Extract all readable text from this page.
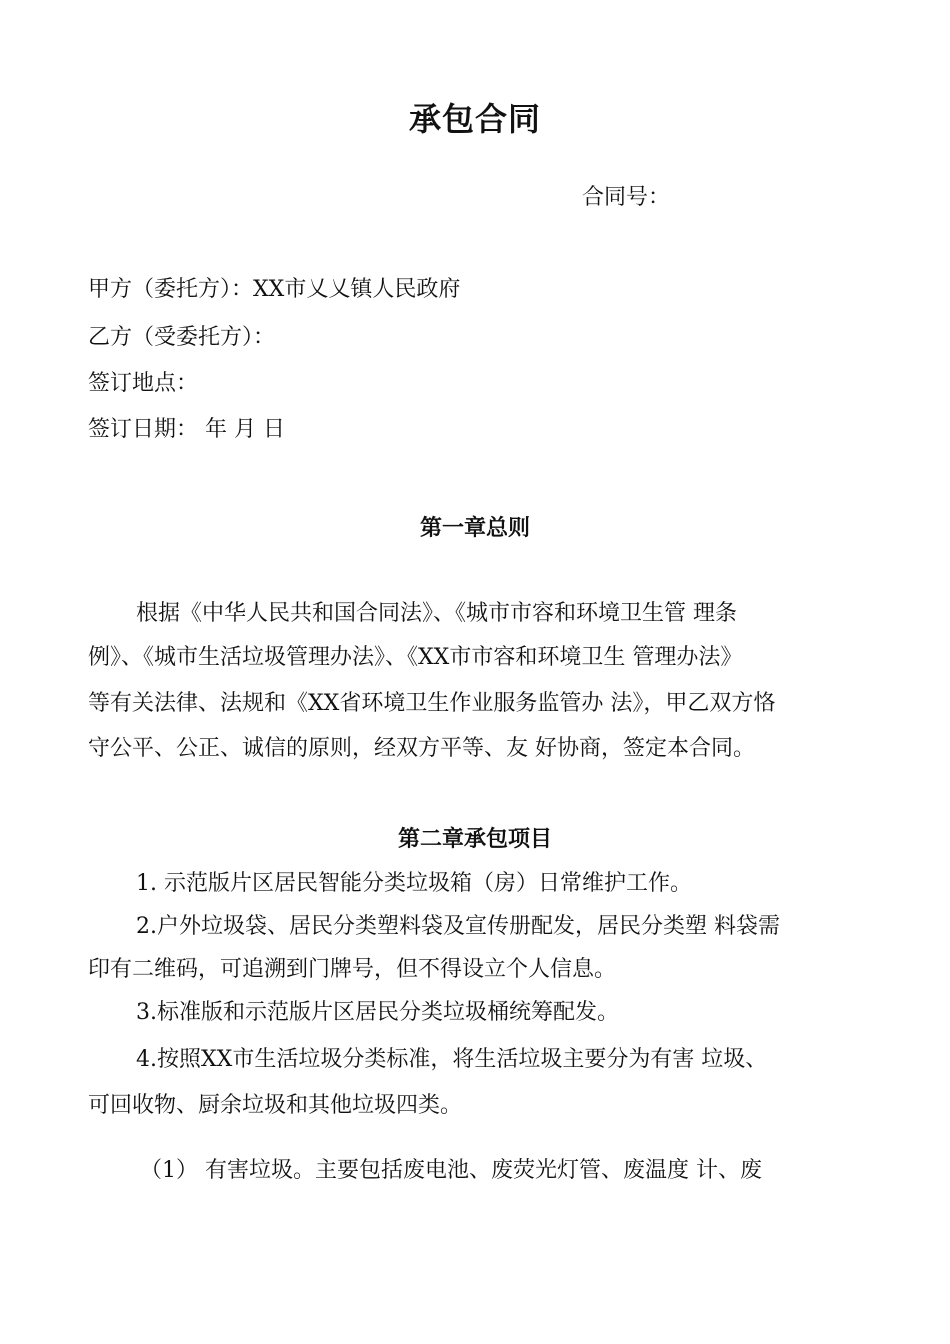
承包合同
合同号：
甲方（委托方）：XX市乂乂镇人民政府
乙方（受委托方）：
签订地点：
签订日期： 年 月 日
第一章总则
根据《中华人民共和国合同法》、《城市市容和环境卫生管 理条
例》、《城市生活垃圾管理办法》、《XX市市容和环境卫生 管理办法》
等有关法律、法规和《XX省环境卫生作业服务监管办 法》，甲乙双方恪
守公平、公正、诚信的原则，经双方平等、友 好协商，签定本合同。
第二章承包项目
1. 示范版片区居民智能分类垃圾箱（房）日常维护工作。
2.户外垃圾袋、居民分类塑料袋及宣传册配发，居民分类塑 料袋需
印有二维码，可追溯到门牌号，但不得设立个人信息。
3.标准版和示范版片区居民分类垃圾桶统筹配发。
4.按照XX市生活垃圾分类标准，将生活垃圾主要分为有害 垃圾、
可回收物、厨余垃圾和其他垃圾四类。
（1） 有害垃圾。主要包括废电池、废荧光灯管、废温度 计、废
